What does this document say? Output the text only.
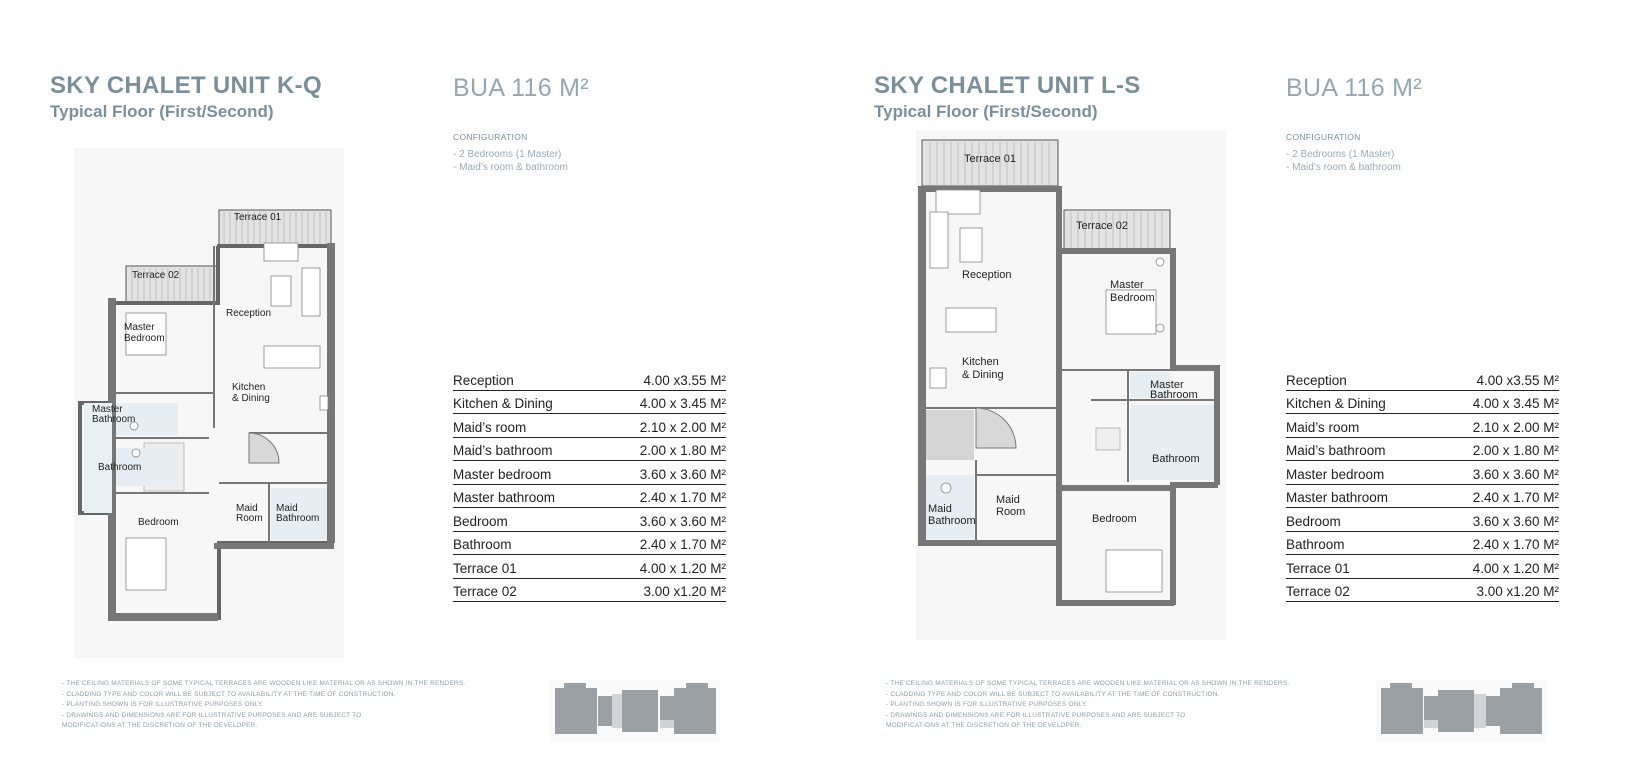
SKY CHALET UNIT K-Q
Typical Floor (First/Second)
Terrace 01
Terrace 02
Master
Bedroom
Reception
Kitchen
& Dining
Master
Bathroom
Bathroom
Bedroom
Maid
Room
Maid
Bathroom
BUA 116 M²
CONFIGURATION
- 2 Bedrooms (1 Master)
- Maid’s room & bathroom
Reception	4.00 x3.55 M²
Kitchen & Dining	4.00 x 3.45 M²
Maid’s room	2.10 x 2.00 M²
Maid’s bathroom	2.00 x 1.80 M²
Master bedroom	3.60 x 3.60 M²
Master bathroom	2.40 x 1.70 M²
Bedroom	3.60 x 3.60 M²
Bathroom	2.40 x 1.70 M²
Terrace 01	4.00 x 1.20 M²
Terrace 02	3.00 x1.20 M²
- THE CEILING MATERIALS OF SOME TYPICAL TERRACES ARE WOODEN LIKE MATERIAL OR AS SHOWN IN THE RENDERS.
- CLADDING TYPE AND COLOR WILL BE SUBJECT TO AVAILABILITY AT THE TIME OF CONSTRUCTION.
- PLANTING SHOWN IS FOR ILLUSTRATIVE PURPOSES ONLY.
- DRAWINGS AND DIMENSIONS ARE FOR ILLUSTRATIVE PURPOSES AND ARE SUBJECT TO
MODIFICATIONS AT THE DISCRETION OF THE DEVELOPER.
SKY CHALET UNIT L-S
Typical Floor (First/Second)
Terrace 01
Terrace 02
Reception
Kitchen
& Dining
Master
Bedroom
Master
Bathroom
Bathroom
Maid
Bathroom
Maid
Room
Bedroom
BUA 116 M²
CONFIGURATION
- 2 Bedrooms (1 Master)
- Maid’s room & bathroom
Reception	4.00 x3.55 M²
Kitchen & Dining	4.00 x 3.45 M²
Maid’s room	2.10 x 2.00 M²
Maid’s bathroom	2.00 x 1.80 M²
Master bedroom	3.60 x 3.60 M²
Master bathroom	2.40 x 1.70 M²
Bedroom	3.60 x 3.60 M²
Bathroom	2.40 x 1.70 M²
Terrace 01	4.00 x 1.20 M²
Terrace 02	3.00 x1.20 M²
- THE CEILING MATERIALS OF SOME TYPICAL TERRACES ARE WOODEN LIKE MATERIAL OR AS SHOWN IN THE RENDERS.
- CLADDING TYPE AND COLOR WILL BE SUBJECT TO AVAILABILITY AT THE TIME OF CONSTRUCTION.
- PLANTING SHOWN IS FOR ILLUSTRATIVE PURPOSES ONLY.
- DRAWINGS AND DIMENSIONS ARE FOR ILLUSTRATIVE PURPOSES AND ARE SUBJECT TO
MODIFICATIONS AT THE DISCRETION OF THE DEVELOPER.
